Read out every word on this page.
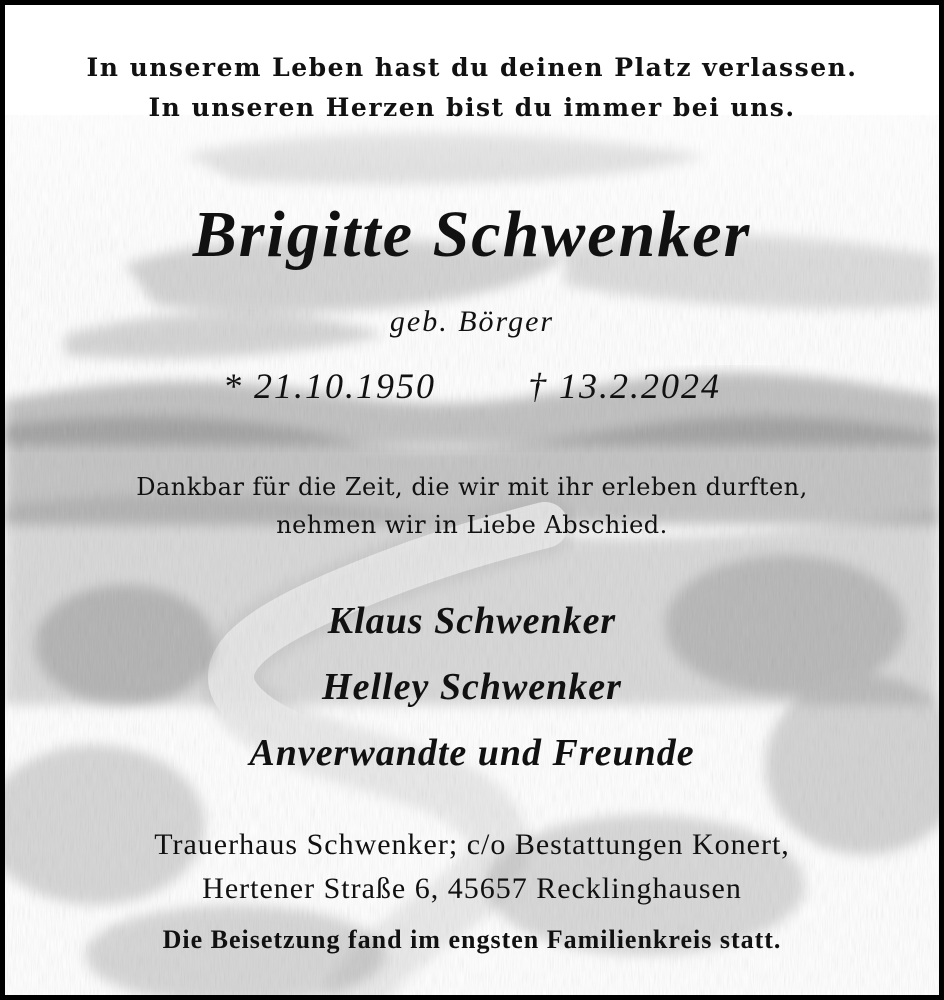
In unserem Leben hast du deinen Platz verlassen.
In unseren Herzen bist du immer bei uns.
Brigitte Schwenker
geb. Börger
* 21.10.1950	† 13.2.2024
Dankbar für die Zeit, die wir mit ihr erleben durften,
nehmen wir in Liebe Abschied.
Klaus Schwenker
Helley Schwenker
Anverwandte und Freunde
Trauerhaus Schwenker; c/o Bestattungen Konert,
Hertener Straße 6, 45657 Recklinghausen
Die Beisetzung fand im engsten Familienkreis statt.
